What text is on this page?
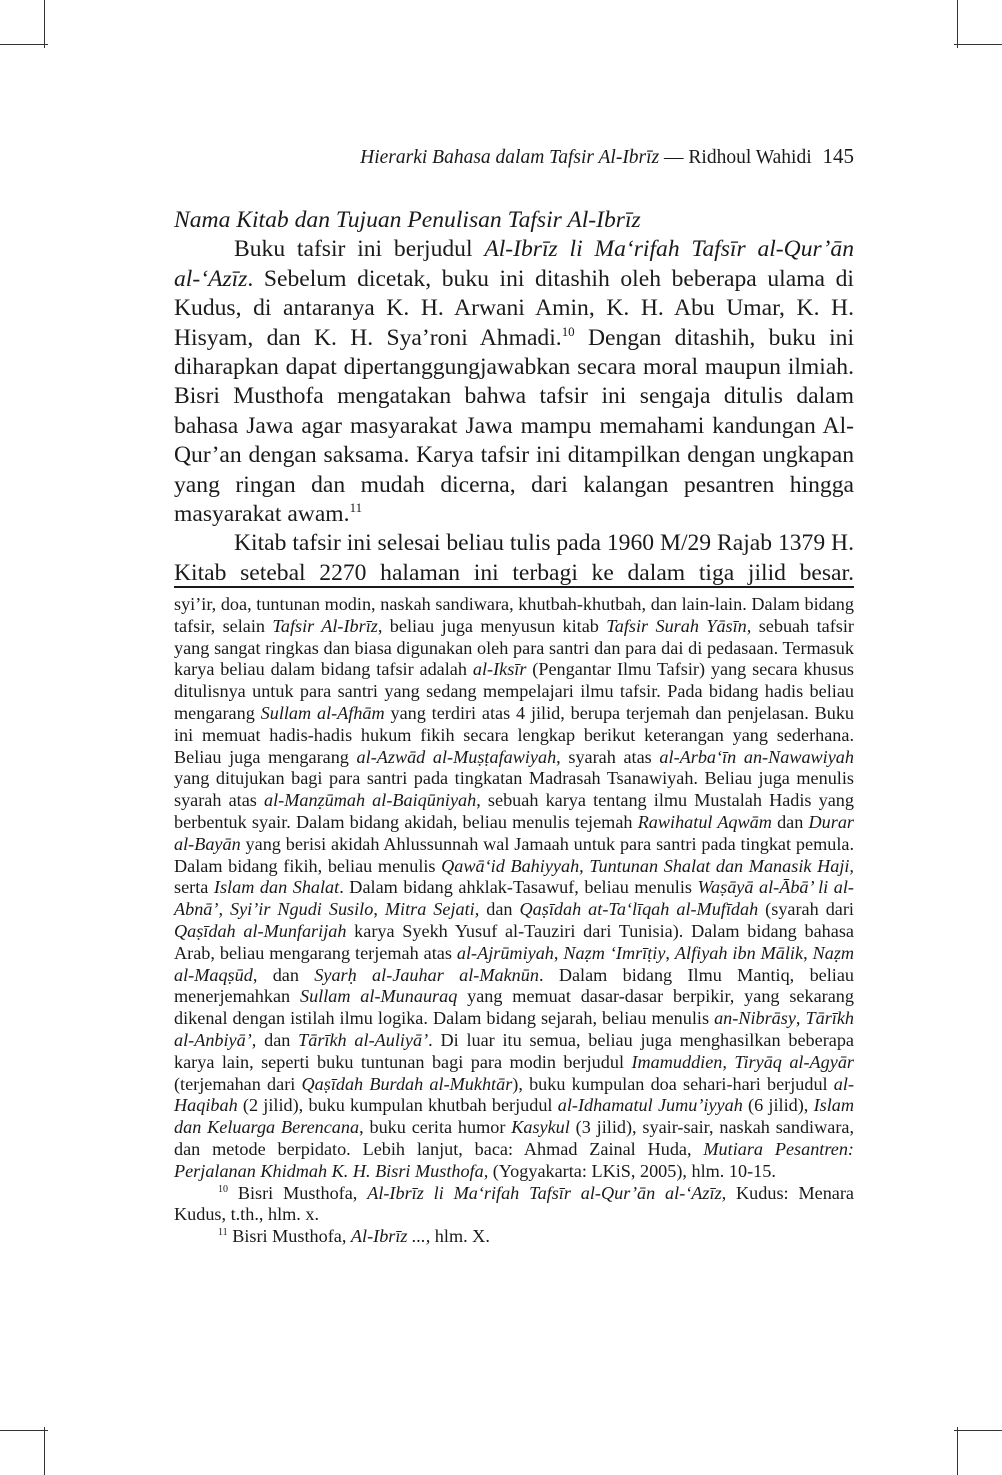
Hierarki Bahasa dalam Tafsir Al-Ibrīz — Ridhoul Wahidi 145
Nama Kitab dan Tujuan Penulisan Tafsir Al-Ibrīz

Buku tafsir ini berjudul Al-Ibrīz li Ma‘rifah Tafsīr al-Qur’ān al-‘Azīz. Sebelum dicetak, buku ini ditashih oleh beberapa ulama di Kudus, di antaranya K. H. Arwani Amin, K. H. Abu Umar, K. H. Hisyam, dan K. H. Sya’roni Ahmadi.$^{10}$ Dengan ditashih, buku ini diharapkan dapat dipertanggungjawabkan secara moral maupun ilmiah. Bisri Musthofa mengatakan bahwa tafsir ini sengaja ditulis dalam bahasa Jawa agar masyarakat Jawa mampu memahami kandungan Al-Qur’an dengan saksama. Karya tafsir ini ditampilkan dengan ungkapan yang ringan dan mudah dicerna, dari kalangan pesantren hingga masyarakat awam.$^{11}$

Kitab tafsir ini selesai beliau tulis pada 1960 M/29 Rajab 1379 H. Kitab setebal 2270 halaman ini terbagi ke dalam tiga jilid besar.

syi’ir, doa, tuntunan modin, naskah sandiwara, khutbah-khutbah, dan lain-lain. Dalam bidang tafsir, selain Tafsir Al-Ibrīz, beliau juga menyusun kitab Tafsir Surah Yāsīn, sebuah tafsir yang sangat ringkas dan biasa digunakan oleh para santri dan para dai di pedasaan. Termasuk karya beliau dalam bidang tafsir adalah al-Iksīr (Pengantar Ilmu Tafsir) yang secara khusus ditulisnya untuk para santri yang sedang mempelajari ilmu tafsir. Pada bidang hadis beliau mengarang Sullam al-Afhām yang terdiri atas 4 jilid, berupa terjemah dan penjelasan. Buku ini memuat hadis-hadis hukum fikih secara lengkap berikut keterangan yang sederhana. Beliau juga mengarang al-Azwād al-Muṣṭafawiyah, syarah atas al-Arba‘īn an-Nawawiyah yang ditujukan bagi para santri pada tingkatan Madrasah Tsanawiyah. Beliau juga menulis syarah atas al-Manẓūmah al-Baiqūniyah, sebuah karya tentang ilmu Mustalah Hadis yang berbentuk syair. Dalam bidang akidah, beliau menulis tejemah Rawihatul Aqwām dan Durar al-Bayān yang berisi akidah Ahlussunnah wal Jamaah untuk para santri pada tingkat pemula. Dalam bidang fikih, beliau menulis Qawā‘id Bahiyyah, Tuntunan Shalat dan Manasik Haji, serta Islam dan Shalat. Dalam bidang ahklak-Tasawuf, beliau menulis Waṣāyā al-Ābā’ li al-Abnā’, Syi’ir Ngudi Susilo, Mitra Sejati, dan Qaṣīdah at-Ta‘līqah al-Mufīdah (syarah dari Qaṣīdah al-Munfarijah karya Syekh Yusuf al-Tauziri dari Tunisia). Dalam bidang bahasa Arab, beliau mengarang terjemah atas al-Ajrūmiyah, Naẓm ‘Imrīṭiy, Alfiyah ibn Mālik, Naẓm al-Maqṣūd, dan Syarḥ al-Jauhar al-Maknūn. Dalam bidang Ilmu Mantiq, beliau menerjemahkan Sullam al-Munauraq yang memuat dasar-dasar berpikir, yang sekarang dikenal dengan istilah ilmu logika. Dalam bidang sejarah, beliau menulis an-Nibrāsy, Tārīkh al-Anbiyā’, dan Tārīkh al-Auliyā’. Di luar itu semua, beliau juga menghasilkan beberapa karya lain, seperti buku tuntunan bagi para modin berjudul Imamuddien, Tiryāq al-Agyār (terjemahan dari Qaṣīdah Burdah al-Mukhtār), buku kumpulan doa sehari-hari berjudul al-Haqibah (2 jilid), buku kumpulan khutbah berjudul al-Idhamatul Jumu’iyyah (6 jilid), Islam dan Keluarga Berencana, buku cerita humor Kasykul (3 jilid), syair-sair, naskah sandiwara, dan metode berpidato. Lebih lanjut, baca: Ahmad Zainal Huda, Mutiara Pesantren: Perjalanan Khidmah K. H. Bisri Musthofa, (Yogyakarta: LKiS, 2005), hlm. 10-15.

$^{10}$ Bisri Musthofa, Al-Ibrīz li Ma‘rifah Tafsīr al-Qur’ān al-‘Azīz, Kudus: Menara Kudus, t.th., hlm. x.

$^{11}$ Bisri Musthofa, Al-Ibrīz ..., hlm. X.
